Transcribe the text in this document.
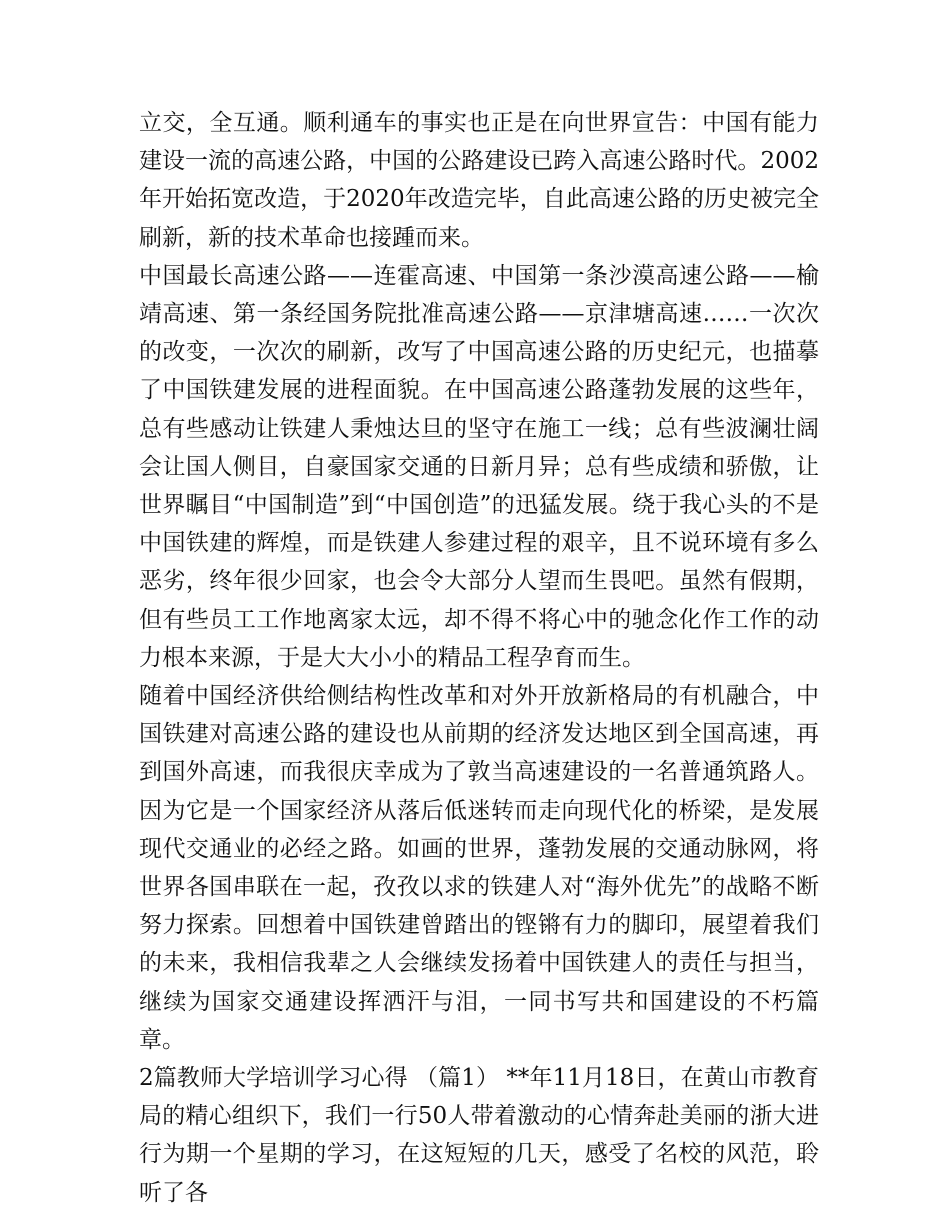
立交，全互通。顺利通车的事实也正是在向世界宣告：中国有能力建设一流的高速公路，中国的公路建设已跨入高速公路时代。2002年开始拓宽改造，于2020年改造完毕，自此高速公路的历史被完全刷新，新的技术革命也接踵而来。

中国最长高速公路——连霍高速、中国第一条沙漠高速公路——榆靖高速、第一条经国务院批准高速公路——京津塘高速……一次次的改变，一次次的刷新，改写了中国高速公路的历史纪元，也描摹了中国铁建发展的进程面貌。在中国高速公路蓬勃发展的这些年，总有些感动让铁建人秉烛达旦的坚守在施工一线；总有些波澜壮阔会让国人侧目，自豪国家交通的日新月异；总有些成绩和骄傲，让世界瞩目“中国制造”到“中国创造”的迅猛发展。绕于我心头的不是中国铁建的辉煌，而是铁建人参建过程的艰辛，且不说环境有多么恶劣，终年很少回家，也会令大部分人望而生畏吧。虽然有假期，但有些员工工作地离家太远，却不得不将心中的驰念化作工作的动力根本来源，于是大大小小的精品工程孕育而生。

随着中国经济供给侧结构性改革和对外开放新格局的有机融合，中国铁建对高速公路的建设也从前期的经济发达地区到全国高速，再到国外高速，而我很庆幸成为了敦当高速建设的一名普通筑路人。因为它是一个国家经济从落后低迷转而走向现代化的桥梁，是发展现代交通业的必经之路。如画的世界，蓬勃发展的交通动脉网，将世界各国串联在一起，孜孜以求的铁建人对“海外优先”的战略不断努力探索。回想着中国铁建曾踏出的铿锵有力的脚印，展望着我们的未来，我相信我辈之人会继续发扬着中国铁建人的责任与担当，继续为国家交通建设挥洒汗与泪，一同书写共和国建设的不朽篇章。

2篇教师大学培训学习心得 （篇1） **年11月18日，在黄山市教育局的精心组织下，我们一行50人带着激动的心情奔赴美丽的浙大进行为期一个星期的学习，在这短短的几天，感受了名校的风范，聆听了各
